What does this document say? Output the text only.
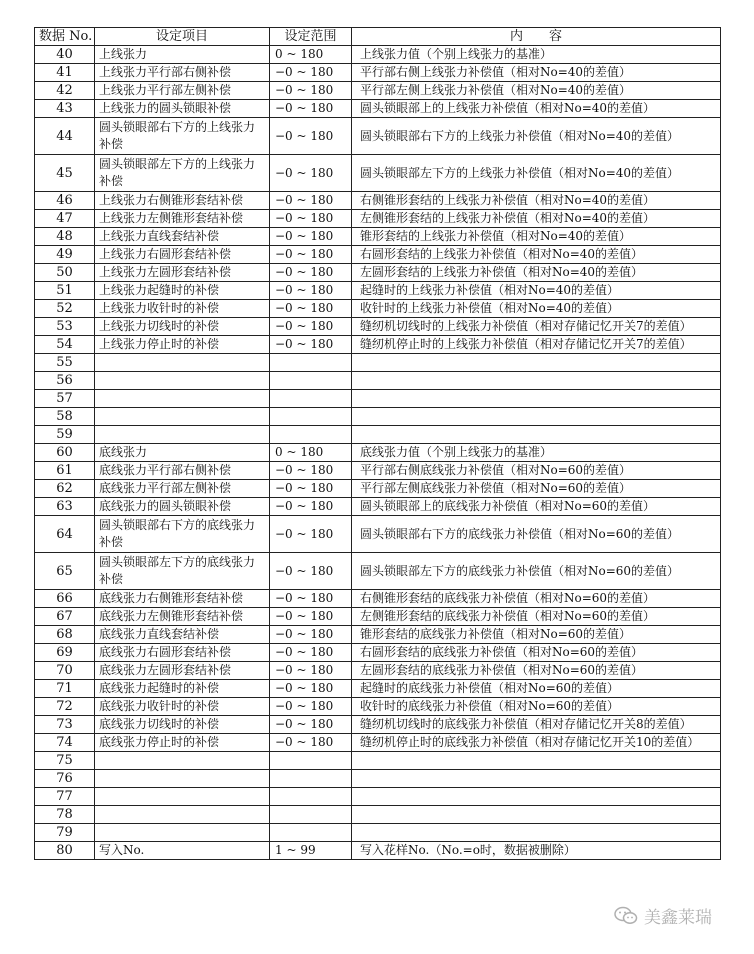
数据 No.	设定项目	设定范围	内　　容
40	上线张力	0 ~ 180	上线张力值（个别上线张力的基准）
41	上线张力平行部右侧补偿	−0 ~ 180	平行部右侧上线张力补偿值（相对No=40的差值）
42	上线张力平行部左侧补偿	−0 ~ 180	平行部左侧上线张力补偿值（相对No=40的差值）
43	上线张力的圆头锁眼补偿	−0 ~ 180	圆头锁眼部上的上线张力补偿值（相对No=40的差值）
44	圆头锁眼部右下方的上线张力补偿	−0 ~ 180	圆头锁眼部右下方的上线张力补偿值（相对No=40的差值）
45	圆头锁眼部左下方的上线张力补偿	−0 ~ 180	圆头锁眼部左下方的上线张力补偿值（相对No=40的差值）
46	上线张力右侧锥形套结补偿	−0 ~ 180	右侧锥形套结的上线张力补偿值（相对No=40的差值）
47	上线张力左侧锥形套结补偿	−0 ~ 180	左侧锥形套结的上线张力补偿值（相对No=40的差值）
48	上线张力直线套结补偿	−0 ~ 180	锥形套结的上线张力补偿值（相对No=40的差值）
49	上线张力右圆形套结补偿	−0 ~ 180	右圆形套结的上线张力补偿值（相对No=40的差值）
50	上线张力左圆形套结补偿	−0 ~ 180	左圆形套结的上线张力补偿值（相对No=40的差值）
51	上线张力起缝时的补偿	−0 ~ 180	起缝时的上线张力补偿值（相对No=40的差值）
52	上线张力收针时的补偿	−0 ~ 180	收针时的上线张力补偿值（相对No=40的差值）
53	上线张力切线时的补偿	−0 ~ 180	缝纫机切线时的上线张力补偿值（相对存储记忆开关7的差值）
54	上线张力停止时的补偿	−0 ~ 180	缝纫机停止时的上线张力补偿值（相对存储记忆开关7的差值）
55			
56			
57			
58			
59			
60	底线张力	0 ~ 180	底线张力值（个别上线张力的基准）
61	底线张力平行部右侧补偿	−0 ~ 180	平行部右侧底线张力补偿值（相对No=60的差值）
62	底线张力平行部左侧补偿	−0 ~ 180	平行部左侧底线张力补偿值（相对No=60的差值）
63	底线张力的圆头锁眼补偿	−0 ~ 180	圆头锁眼部上的底线张力补偿值（相对No=60的差值）
64	圆头锁眼部右下方的底线张力补偿	−0 ~ 180	圆头锁眼部右下方的底线张力补偿值（相对No=60的差值）
65	圆头锁眼部左下方的底线张力补偿	−0 ~ 180	圆头锁眼部左下方的底线张力补偿值（相对No=60的差值）
66	底线张力右侧锥形套结补偿	−0 ~ 180	右侧锥形套结的底线张力补偿值（相对No=60的差值）
67	底线张力左侧锥形套结补偿	−0 ~ 180	左侧锥形套结的底线张力补偿值（相对No=60的差值）
68	底线张力直线套结补偿	−0 ~ 180	锥形套结的底线张力补偿值（相对No=60的差值）
69	底线张力右圆形套结补偿	−0 ~ 180	右圆形套结的底线张力补偿值（相对No=60的差值）
70	底线张力左圆形套结补偿	−0 ~ 180	左圆形套结的底线张力补偿值（相对No=60的差值）
71	底线张力起缝时的补偿	−0 ~ 180	起缝时的底线张力补偿值（相对No=60的差值）
72	底线张力收针时的补偿	−0 ~ 180	收针时的底线张力补偿值（相对No=60的差值）
73	底线张力切线时的补偿	−0 ~ 180	缝纫机切线时的底线张力补偿值（相对存储记忆开关8的差值）
74	底线张力停止时的补偿	−0 ~ 180	缝纫机停止时的底线张力补偿值（相对存储记忆开关10的差值）
75			
76			
77			
78			
79			
80	写入No.	1 ~ 99	写入花样No.（No.=o时，数据被删除）
美鑫莱瑞
